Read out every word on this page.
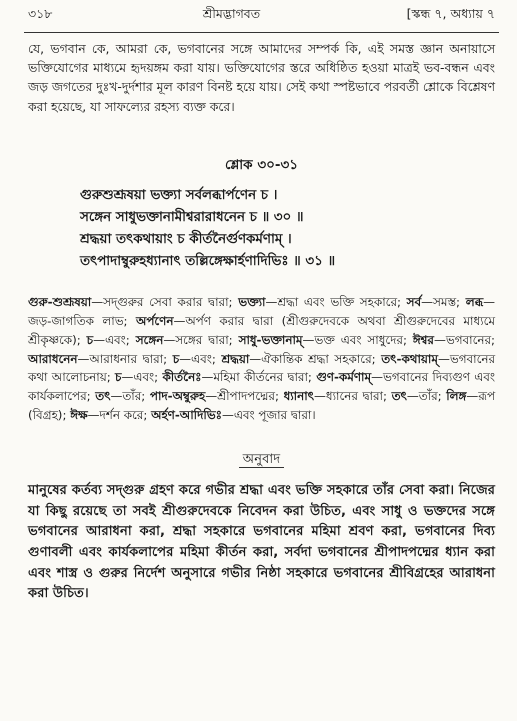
৩১৮	শ্রীমদ্ভাগবত	[স্কন্ধ ৭, অধ্যায় ৭

যে, ভগবান কে, আমরা কে, ভগবানের সঙ্গে আমাদের সম্পর্ক কি, এই সমস্ত জ্ঞান অনায়াসে ভক্তিযোগের মাধ্যমে হৃদয়ঙ্গম করা যায়। ভক্তিযোগের স্তরে অধিষ্ঠিত হওয়া মাত্রই ভব-বন্ধন এবং জড় জগতের দুঃখ-দুর্দশার মূল কারণ বিনষ্ট হয়ে যায়। সেই কথা স্পষ্টভাবে পরবর্তী শ্লোকে বিশ্লেষণ করা হয়েছে, যা সাফল্যের রহস্য ব্যক্ত করে।

শ্লোক ৩০-৩১
গুরুশুশ্রূষয়া ভক্ত্যা সর্বলব্ধার্পণেন চ ।
সঙ্গেন সাধুভক্তানামীশ্বরারাধনেন চ ॥ ৩০ ॥
শ্রদ্ধয়া তৎকথায়াং চ কীর্তনৈর্গুণকর্মণাম্ ।
তৎপাদাম্বুরুহধ্যানাৎ তল্লিঙ্গেক্ষার্হণাদিভিঃ ॥ ৩১ ॥
গুরু-শুশ্রূষয়া—সদ্গুরুর সেবা করার দ্বারা; ভক্ত্যা—শ্রদ্ধা এবং ভক্তি সহকারে; সর্ব—সমস্ত; লব্ধ—জড়-জাগতিক লাভ; অর্পণেন—অর্পণ করার দ্বারা (শ্রীগুরুদেবকে অথবা শ্রীগুরুদেবের মাধ্যমে শ্রীকৃষ্ণকে); চ—এবং; সঙ্গেন—সঙ্গের দ্বারা; সাধু-ভক্তানাম্—ভক্ত এবং সাধুদের; ঈশ্বর—ভগবানের; আরাধনেন—আরাধনার দ্বারা; চ—এবং; শ্রদ্ধয়া—ঐকান্তিক শ্রদ্ধা সহকারে; তৎ-কথায়াম্—ভগবানের কথা আলোচনায়; চ—এবং; কীর্তনৈঃ—মহিমা কীর্তনের দ্বারা; গুণ-কর্মণাম্—ভগবানের দিব্যগুণ এবং কার্যকলাপের; তৎ—তাঁর; পাদ-অম্বুরুহ—শ্রীপাদপদ্মের; ধ্যানাৎ—ধ্যানের দ্বারা; তৎ—তাঁর; লিঙ্গ—রূপ (বিগ্রহ); ঈক্ষ—দর্শন করে; অর্হণ-আদিভিঃ—এবং পূজার দ্বারা।
অনুবাদ
মানুষের কর্তব্য সদ্গুরু গ্রহণ করে গভীর শ্রদ্ধা এবং ভক্তি সহকারে তাঁর সেবা করা। নিজের যা কিছু রয়েছে তা সবই শ্রীগুরুদেবকে নিবেদন করা উচিত, এবং সাধু ও ভক্তদের সঙ্গে ভগবানের আরাধনা করা, শ্রদ্ধা সহকারে ভগবানের মহিমা শ্রবণ করা, ভগবানের দিব্য গুণাবলী এবং কার্যকলাপের মহিমা কীর্তন করা, সর্বদা ভগবানের শ্রীপাদপদ্মের ধ্যান করা এবং শাস্ত্র ও গুরুর নির্দেশ অনুসারে গভীর নিষ্ঠা সহকারে ভগবানের শ্রীবিগ্রহের আরাধনা করা উচিত।
